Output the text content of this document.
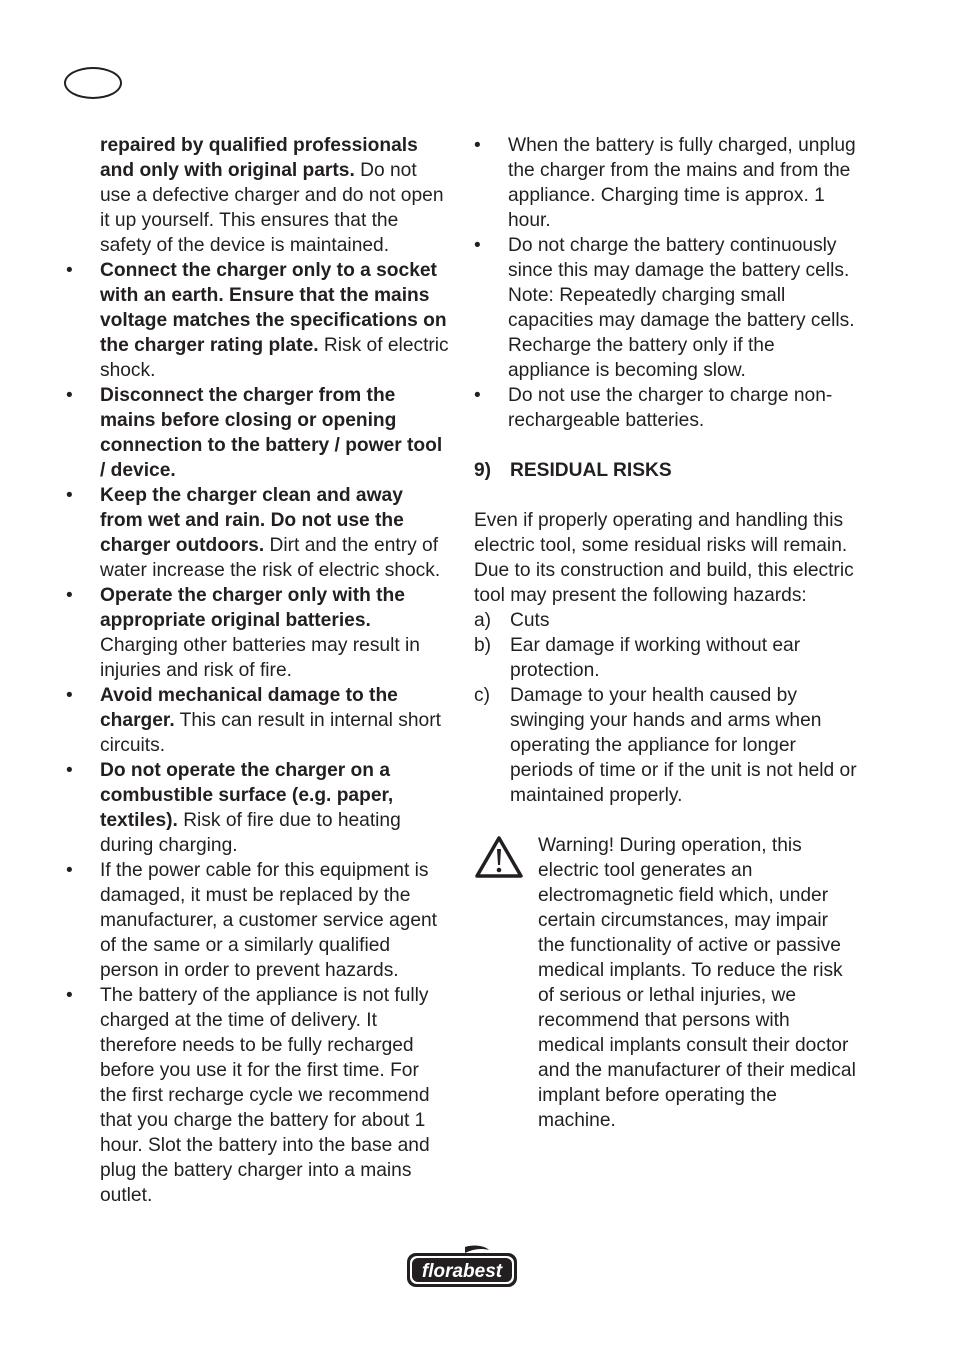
repaired by qualified professionals and only with original parts. Do not use a defective charger and do not open it up yourself. This ensures that the safety of the device is maintained.
•	Connect the charger only to a socket with an earth. Ensure that the mains voltage matches the specifications on the charger rating plate. Risk of electric shock.
•	Disconnect the charger from the mains before closing or opening connection to the battery / power tool / device.
•	Keep the charger clean and away from wet and rain. Do not use the charger outdoors. Dirt and the entry of water increase the risk of electric shock.
•	Operate the charger only with the appropriate original batteries. Charging other batteries may result in injuries and risk of fire.
•	Avoid mechanical damage to the charger. This can result in internal short circuits.
•	Do not operate the charger on a combustible surface (e.g. paper, textiles). Risk of fire due to heating during charging.
•	If the power cable for this equipment is damaged, it must be replaced by the manufacturer, a customer service agent of the same or a similarly qualified person in order to prevent hazards.
•	The battery of the appliance is not fully charged at the time of delivery. It therefore needs to be fully recharged before you use it for the first time. For the first recharge cycle we recommend that you charge the battery for about 1 hour. Slot the battery into the base and plug the battery charger into a mains outlet.
•	When the battery is fully charged, unplug the charger from the mains and from the appliance. Charging time is approx. 1 hour.
•	Do not charge the battery continuously since this may damage the battery cells. Note: Repeatedly charging small capacities may damage the battery cells. Recharge the battery only if the appliance is becoming slow.
•	Do not use the charger to charge non-rechargeable batteries.
9) RESIDUAL RISKS

Even if properly operating and handling this electric tool, some residual risks will remain. Due to its construction and build, this electric tool may present the following hazards:

a) Cuts
b) Ear damage if working without ear protection.
c) Damage to your health caused by swinging your hands and arms when operating the appliance for longer periods of time or if the unit is not held or maintained properly.
Warning! During operation, this electric tool generates an electromagnetic field which, under certain circumstances, may impair the functionality of active or passive medical implants. To reduce the risk of serious or lethal injuries, we recommend that persons with medical implants consult their doctor and the manufacturer of their medical implant before operating the machine.
florabest
